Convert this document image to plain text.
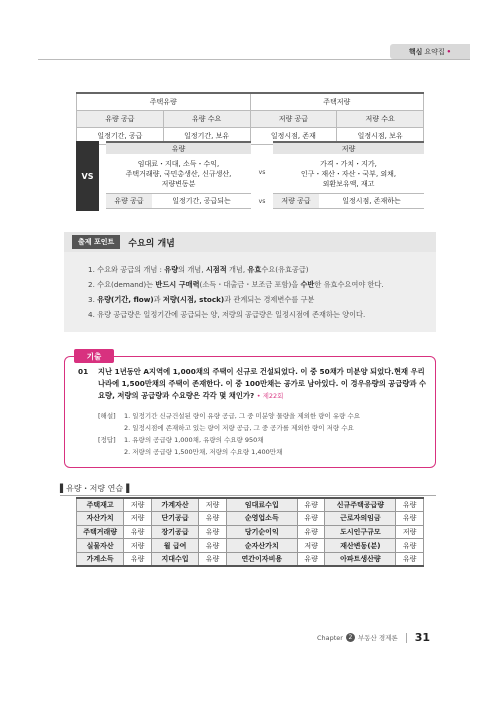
핵심 요약집 •
주택유량		주택저량	
유량 공급	유량 수요	저량 공급	저량 수요
일정기간, 공급	일정기간, 보유	일정시점, 존재	일정시점, 보유
VS
유량
임대료・지대, 소득・수익,
주택거래량, 국민총생산, 신규생산,
저량변동분
유량 공급	일정기간, 공급되는
vs
vs
저량
가격・가치・지가,
인구・재산・자산・국부, 외채,
외환보유액, 재고
저량 공급	일정시점, 존재하는
출제 포인트	수요의 개념
1. 수요와 공급의 개념 : 유량의 개념, 시점적 개념, 유효수요(유효공급)
2. 수요(demand)는 반드시 구매력(소득・대출금・보조금 포함)을 수반한 유효수요여야 한다.
3. 유량(기간, flow)과 저량(시점, stock)과 관계되는 경제변수를 구분
4. 유량 공급량은 일정기간에 공급되는 양, 저량의 공급량은 일정시점에 존재하는 양이다.
기출
01 지난 1년동안 A지역에 1,000채의 주택이 신규로 건설되었다. 이 중 50채가 미분양 되었다.현재 우리나라에 1,500만채의 주택이 존재한다. 이 중 100만채는 공가로 남아있다. 이 경우유량의 공급량과 수요량, 저량의 공급량과 수요량은 각각 몇 채인가? • 제22회
[해설]	1. 일정기간 신규건설된 량이 유량 공급, 그 중 미분양 물량을 제외한 량이 유량 수요
2. 일정시점에 존재하고 있는 량이 저량 공급, 그 중 공가를 제외한 량이 저량 수요
[정답]	1. 유량의 공급량 1,000채, 유량의 수요량 950채
2. 저량의 공급량 1,500만채, 저량의 수요량 1,400만채
▌유량・저량 연습▐
주택재고	저량	가계자산	저량	임대료수입	유량	신규주택공급량	유량
자산가치	저량	단기공급	유량	순영업소득	유량	근로자의임금	유량
주택거래량	유량	장기공급	유량	당기순이익	유량	도시인구규모	저량
실물자산	저량	월 급여	유량	순자산가치	저량	재산변동(분)	유량
가계소득	유량	지대수입	유량	연간이자비용	유량	아파트생산량	유량
Chapter 2 부동산 경제론 31
